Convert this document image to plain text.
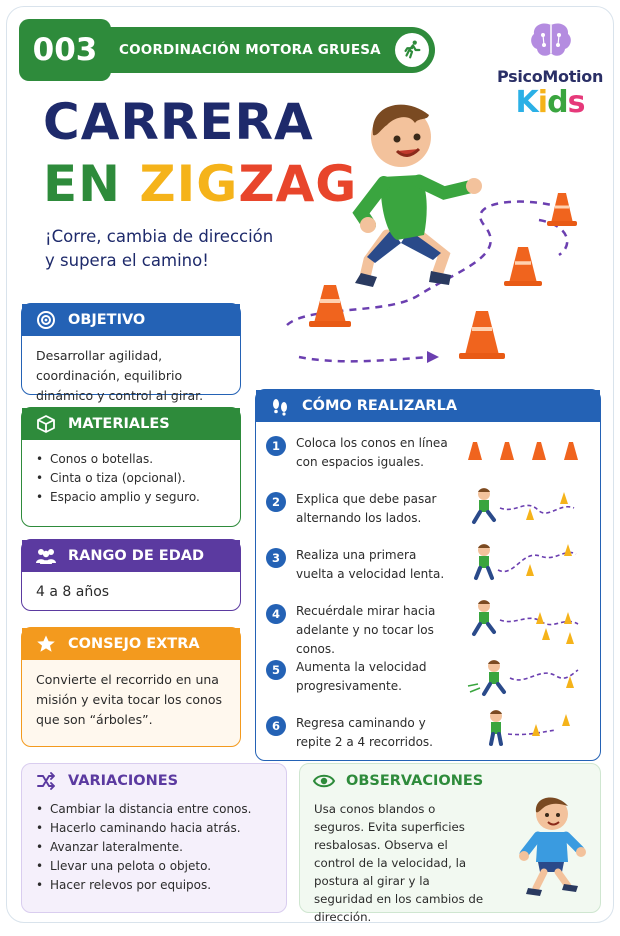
003	COORDINACIÓN MOTORA GRUESA
PsicoMotion
Kids
CARRERA
EN ZIGZAG
¡Corre, cambia de dirección y supera el camino!
OBJETIVO
Desarrollar agilidad, coordinación, equilibrio dinámico y control al girar.
MATERIALES
• Conos o botellas.
• Cinta o tiza (opcional).
• Espacio amplio y seguro.
RANGO DE EDAD
4 a 8 años
CONSEJO EXTRA
Convierte el recorrido en una misión y evita tocar los conos que son “árboles”.
CÓMO REALIZARLA
1	Coloca los conos en línea con espacios iguales.
2	Explica que debe pasar alternando los lados.
3	Realiza una primera vuelta a velocidad lenta.
4	Recuérdale mirar hacia adelante y no tocar los conos.
5	Aumenta la velocidad progresivamente.
6	Regresa caminando y repite 2 a 4 recorridos.
VARIACIONES
• Cambiar la distancia entre conos.
• Hacerlo caminando hacia atrás.
• Avanzar lateralmente.
• Llevar una pelota o objeto.
• Hacer relevos por equipos.
OBSERVACIONES
Usa conos blandos o seguros. Evita superficies resbalosas. Observa el control de la velocidad, la postura al girar y la seguridad en los cambios de dirección.
